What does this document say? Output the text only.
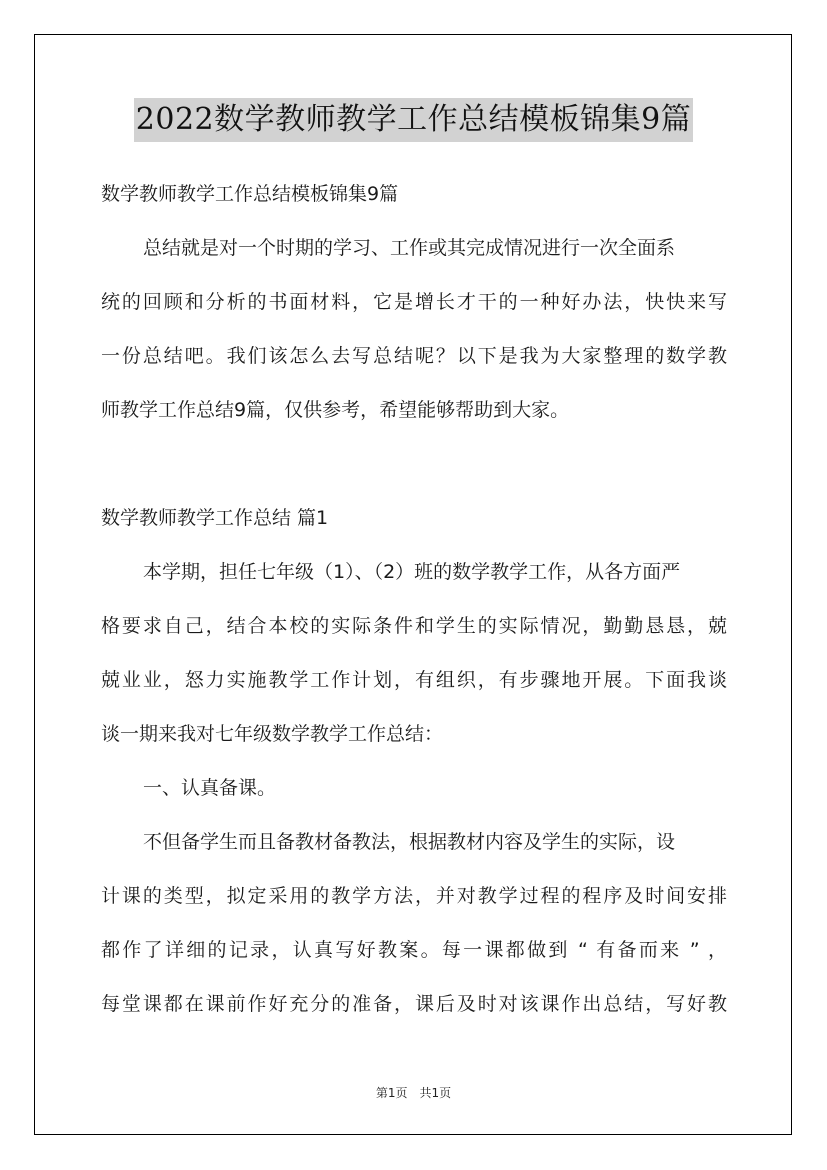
2022数学教师教学工作总结模板锦集9篇
数学教师教学工作总结模板锦集9篇
总结就是对一个时期的学习、工作或其完成情况进行一次全面系
统的回顾和分析的书面材料，它是增长才干的一种好办法，快快来写
一份总结吧。我们该怎么去写总结呢？以下是我为大家整理的数学教
师教学工作总结9篇，仅供参考，希望能够帮助到大家。
数学教师教学工作总结 篇1
本学期，担任七年级（1）、（2）班的数学教学工作，从各方面严
格要求自己，结合本校的实际条件和学生的实际情况，勤勤恳恳，兢
兢业业，怒力实施教学工作计划，有组织，有步骤地开展。下面我谈
谈一期来我对七年级数学教学工作总结：
一、认真备课。
不但备学生而且备教材备教法，根据教材内容及学生的实际，设
计课的类型，拟定采用的教学方法，并对教学过程的程序及时间安排
都作了详细的记录，认真写好教案。每一课都做到 “ 有备而来 ” ，
每堂课都在课前作好充分的准备，课后及时对该课作出总结，写好教
第1页 共1页
